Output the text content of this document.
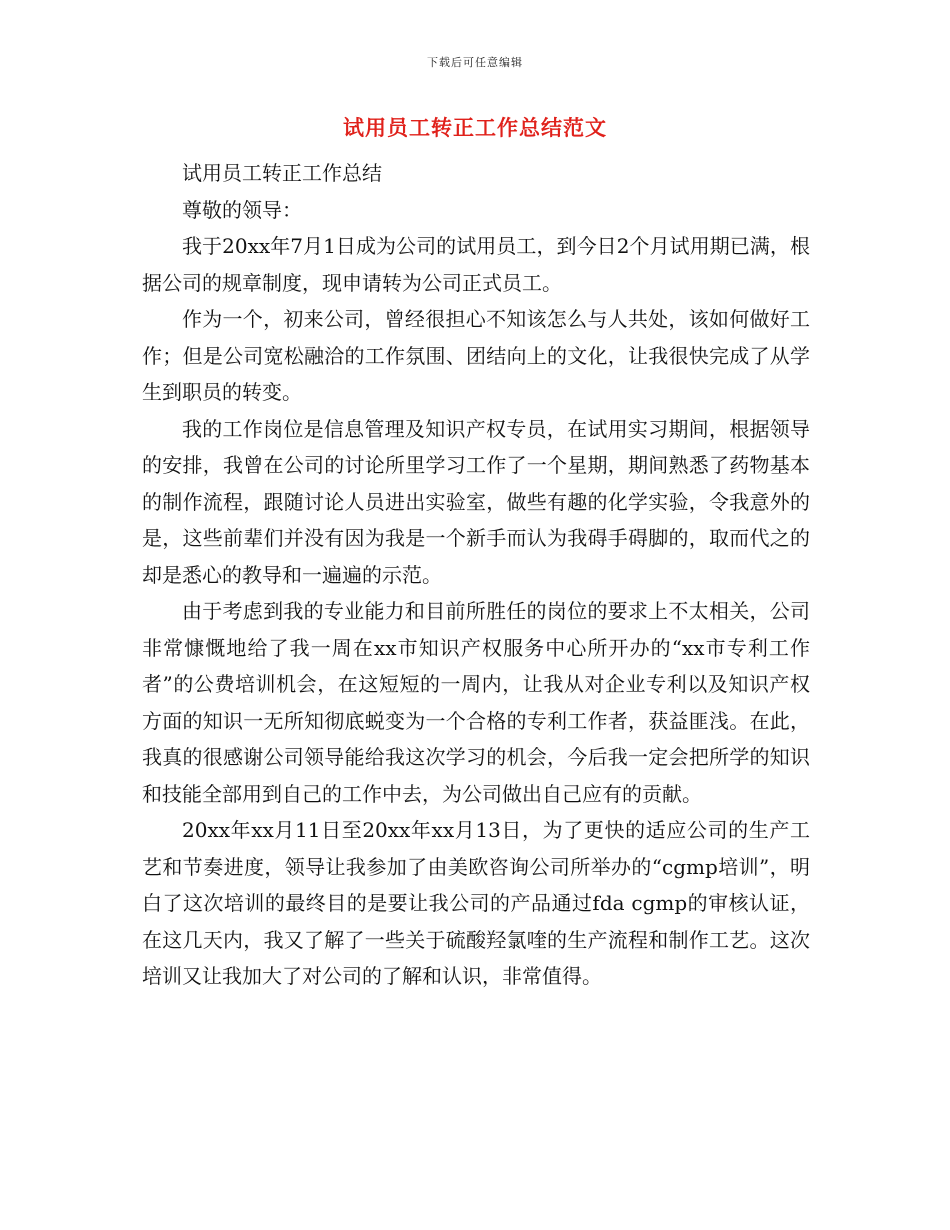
下载后可任意编辑
试用员工转正工作总结范文

试用员工转正工作总结

尊敬的领导：

我于20xx年7月1日成为公司的试用员工，到今日2个月试用期已满，根据公司的规章制度，现申请转为公司正式员工。

作为一个，初来公司，曾经很担心不知该怎么与人共处，该如何做好工作；但是公司宽松融洽的工作氛围、团结向上的文化，让我很快完成了从学生到职员的转变。

我的工作岗位是信息管理及知识产权专员，在试用实习期间，根据领导的安排，我曾在公司的讨论所里学习工作了一个星期，期间熟悉了药物基本的制作流程，跟随讨论人员进出实验室，做些有趣的化学实验，令我意外的是，这些前辈们并没有因为我是一个新手而认为我碍手碍脚的，取而代之的却是悉心的教导和一遍遍的示范。

由于考虑到我的专业能力和目前所胜任的岗位的要求上不太相关，公司非常慷慨地给了我一周在xx市知识产权服务中心所开办的“xx市专利工作者”的公费培训机会，在这短短的一周内，让我从对企业专利以及知识产权方面的知识一无所知彻底蜕变为一个合格的专利工作者，获益匪浅。在此，我真的很感谢公司领导能给我这次学习的机会，今后我一定会把所学的知识和技能全部用到自己的工作中去，为公司做出自己应有的贡献。

20xx年xx月11日至20xx年xx月13日，为了更快的适应公司的生产工艺和节奏进度，领导让我参加了由美欧咨询公司所举办的“cgmp培训”，明白了这次培训的最终目的是要让我公司的产品通过fda cgmp的审核认证，在这几天内，我又了解了一些关于硫酸羟氯喹的生产流程和制作工艺。这次培训又让我加大了对公司的了解和认识，非常值得。
